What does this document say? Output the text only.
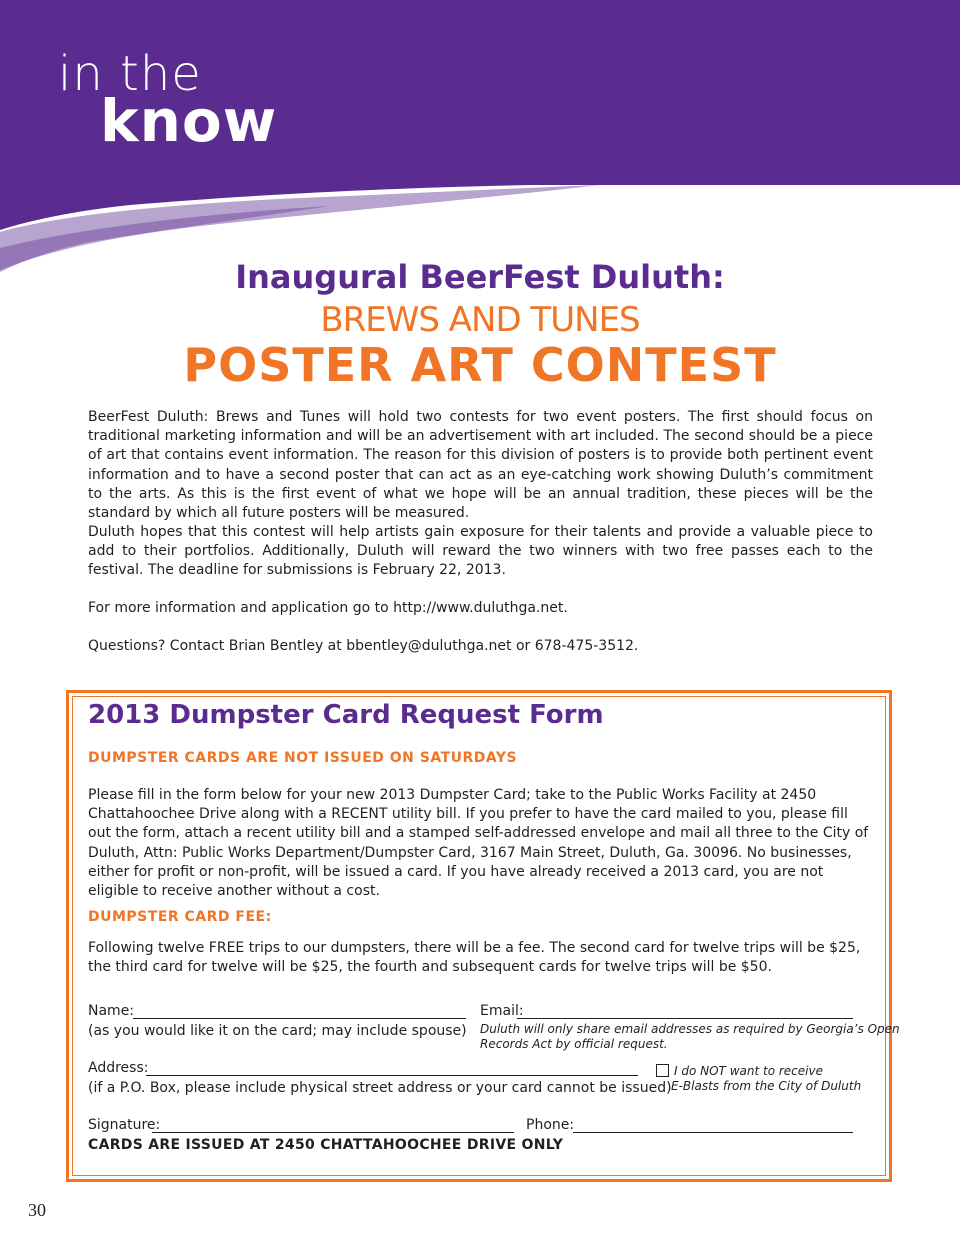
in the
know
Inaugural BeerFest Duluth:
BREWS AND TUNES
POSTER ART CONTEST
BeerFest Duluth: Brews and Tunes will hold two contests for two event posters. The first should focus on traditional marketing information and will be an advertisement with art included. The second should be a piece of art that contains event information. The reason for this division of posters is to provide both pertinent event information and to have a second poster that can act as an eye-catching work showing Duluth’s commitment to the arts. As this is the first event of what we hope will be an annual tradition, these pieces will be the standard by which all future posters will be measured.
Duluth hopes that this contest will help artists gain exposure for their talents and provide a valuable piece to add to their portfolios. Additionally, Duluth will reward the two winners with two free passes each to the festival. The deadline for submissions is February 22, 2013.
For more information and application go to http://www.duluthga.net.
Questions? Contact Brian Bentley at bbentley@duluthga.net or 678-475-3512.
2013 Dumpster Card Request Form
DUMPSTER CARDS ARE NOT ISSUED ON SATURDAYS
Please fill in the form below for your new 2013 Dumpster Card; take to the Public Works Facility at 2450 Chattahoochee Drive along with a RECENT utility bill. If you prefer to have the card mailed to you, please fill out the form, attach a recent utility bill and a stamped self-addressed envelope and mail all three to the City of Duluth, Attn: Public Works Department/Dumpster Card, 3167 Main Street, Duluth, Ga. 30096. No businesses, either for profit or non-profit, will be issued a card. If you have already received a 2013 card, you are not eligible to receive another without a cost.
DUMPSTER CARD FEE:
Following twelve FREE trips to our dumpsters, there will be a fee. The second card for twelve trips will be $25, the third card for twelve will be $25, the fourth and subsequent cards for twelve trips will be $50.
Name:
(as you would like it on the card; may include spouse)
Email:
Duluth will only share email addresses as required by Georgia’s Open
Records Act by official request.
Address:
(if a P.O. Box, please include physical street address or your card cannot be issued)
I do NOT want to receive
E-Blasts from the City of Duluth
Signature:	Phone:
CARDS ARE ISSUED AT 2450 CHATTAHOOCHEE DRIVE ONLY
30
